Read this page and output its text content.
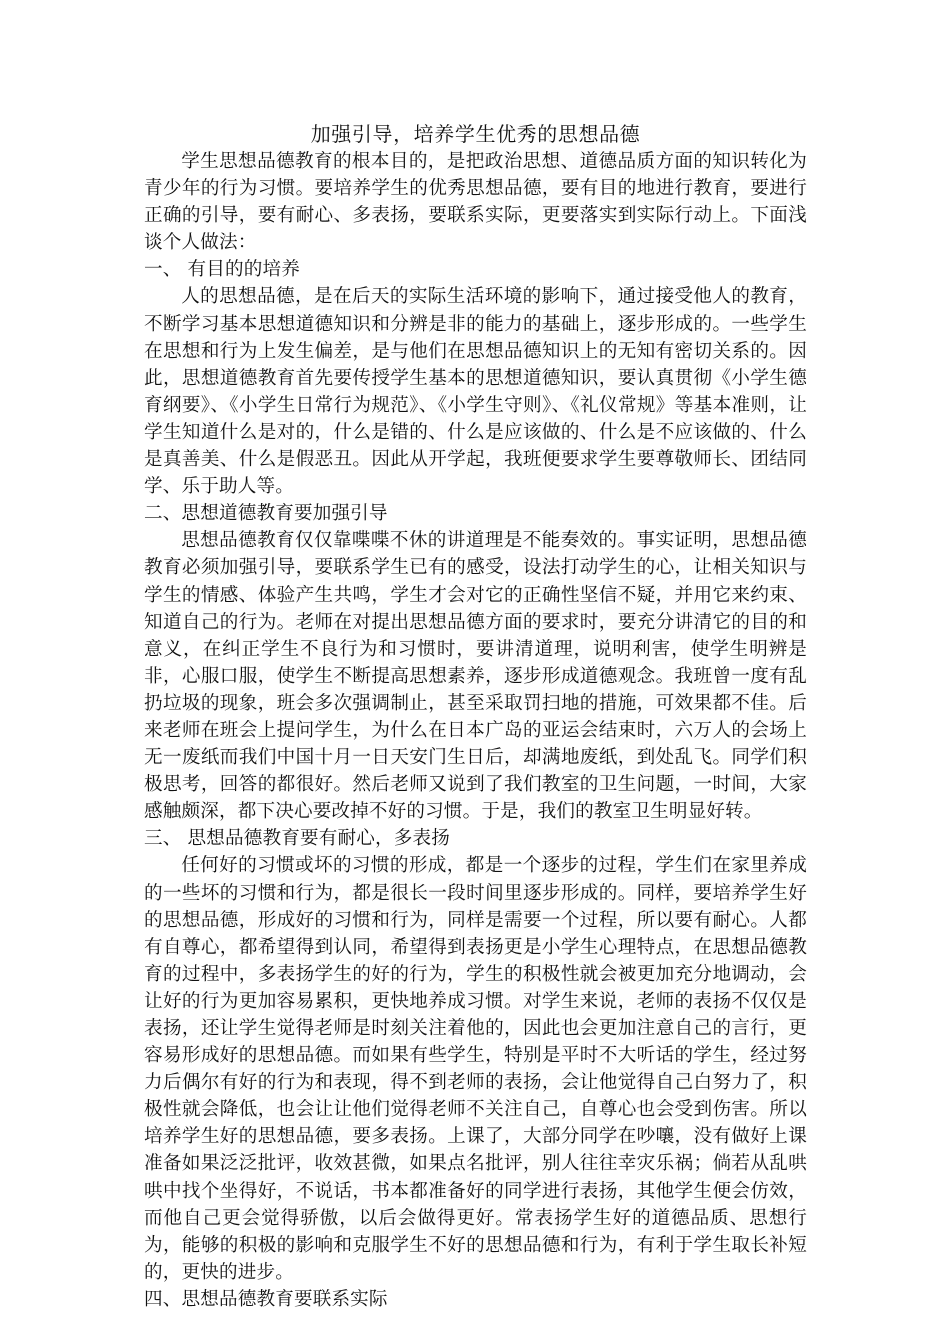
加强引导，培养学生优秀的思想品德

学生思想品德教育的根本目的，是把政治思想、道德品质方面的知识转化为青少年的行为习惯。要培养学生的优秀思想品德，要有目的地进行教育，要进行正确的引导，要有耐心、多表扬，要联系实际，更要落实到实际行动上。下面浅谈个人做法：

一、 有目的的培养

人的思想品德，是在后天的实际生活环境的影响下，通过接受他人的教育，不断学习基本思想道德知识和分辨是非的能力的基础上，逐步形成的。一些学生在思想和行为上发生偏差，是与他们在思想品德知识上的无知有密切关系的。因此，思想道德教育首先要传授学生基本的思想道德知识，要认真贯彻《小学生德育纲要》、《小学生日常行为规范》、《小学生守则》、《礼仪常规》等基本准则，让学生知道什么是对的，什么是错的、什么是应该做的、什么是不应该做的、什么是真善美、什么是假恶丑。因此从开学起，我班便要求学生要尊敬师长、团结同学、乐于助人等。

二、思想道德教育要加强引导

思想品德教育仅仅靠喋喋不休的讲道理是不能奏效的。事实证明，思想品德教育必须加强引导，要联系学生已有的感受，设法打动学生的心，让相关知识与学生的情感、体验产生共鸣，学生才会对它的正确性坚信不疑，并用它来约束、知道自己的行为。老师在对提出思想品德方面的要求时，要充分讲清它的目的和意义，在纠正学生不良行为和习惯时，要讲清道理，说明利害，使学生明辨是非，心服口服，使学生不断提高思想素养，逐步形成道德观念。我班曾一度有乱扔垃圾的现象，班会多次强调制止，甚至采取罚扫地的措施，可效果都不佳。后来老师在班会上提问学生，为什么在日本广岛的亚运会结束时，六万人的会场上无一废纸而我们中国十月一日天安门生日后，却满地废纸，到处乱飞。同学们积极思考，回答的都很好。然后老师又说到了我们教室的卫生问题，一时间，大家感触颇深，都下决心要改掉不好的习惯。于是，我们的教室卫生明显好转。

三、 思想品德教育要有耐心，多表扬

任何好的习惯或坏的习惯的形成，都是一个逐步的过程，学生们在家里养成的一些坏的习惯和行为，都是很长一段时间里逐步形成的。同样，要培养学生好的思想品德，形成好的习惯和行为，同样是需要一个过程，所以要有耐心。人都有自尊心，都希望得到认同，希望得到表扬更是小学生心理特点，在思想品德教育的过程中，多表扬学生的好的行为，学生的积极性就会被更加充分地调动，会让好的行为更加容易累积，更快地养成习惯。对学生来说，老师的表扬不仅仅是表扬，还让学生觉得老师是时刻关注着他的，因此也会更加注意自己的言行，更容易形成好的思想品德。而如果有些学生，特别是平时不大听话的学生，经过努力后偶尔有好的行为和表现，得不到老师的表扬，会让他觉得自己白努力了，积极性就会降低，也会让让他们觉得老师不关注自己，自尊心也会受到伤害。所以培养学生好的思想品德，要多表扬。上课了，大部分同学在吵嚷，没有做好上课准备如果泛泛批评，收效甚微，如果点名批评，别人往往幸灾乐祸；倘若从乱哄哄中找个坐得好，不说话，书本都准备好的同学进行表扬，其他学生便会仿效，而他自己更会觉得骄傲，以后会做得更好。常表扬学生好的道德品质、思想行为，能够的积极的影响和克服学生不好的思想品德和行为，有利于学生取长补短的，更快的进步。

四、思想品德教育要联系实际
